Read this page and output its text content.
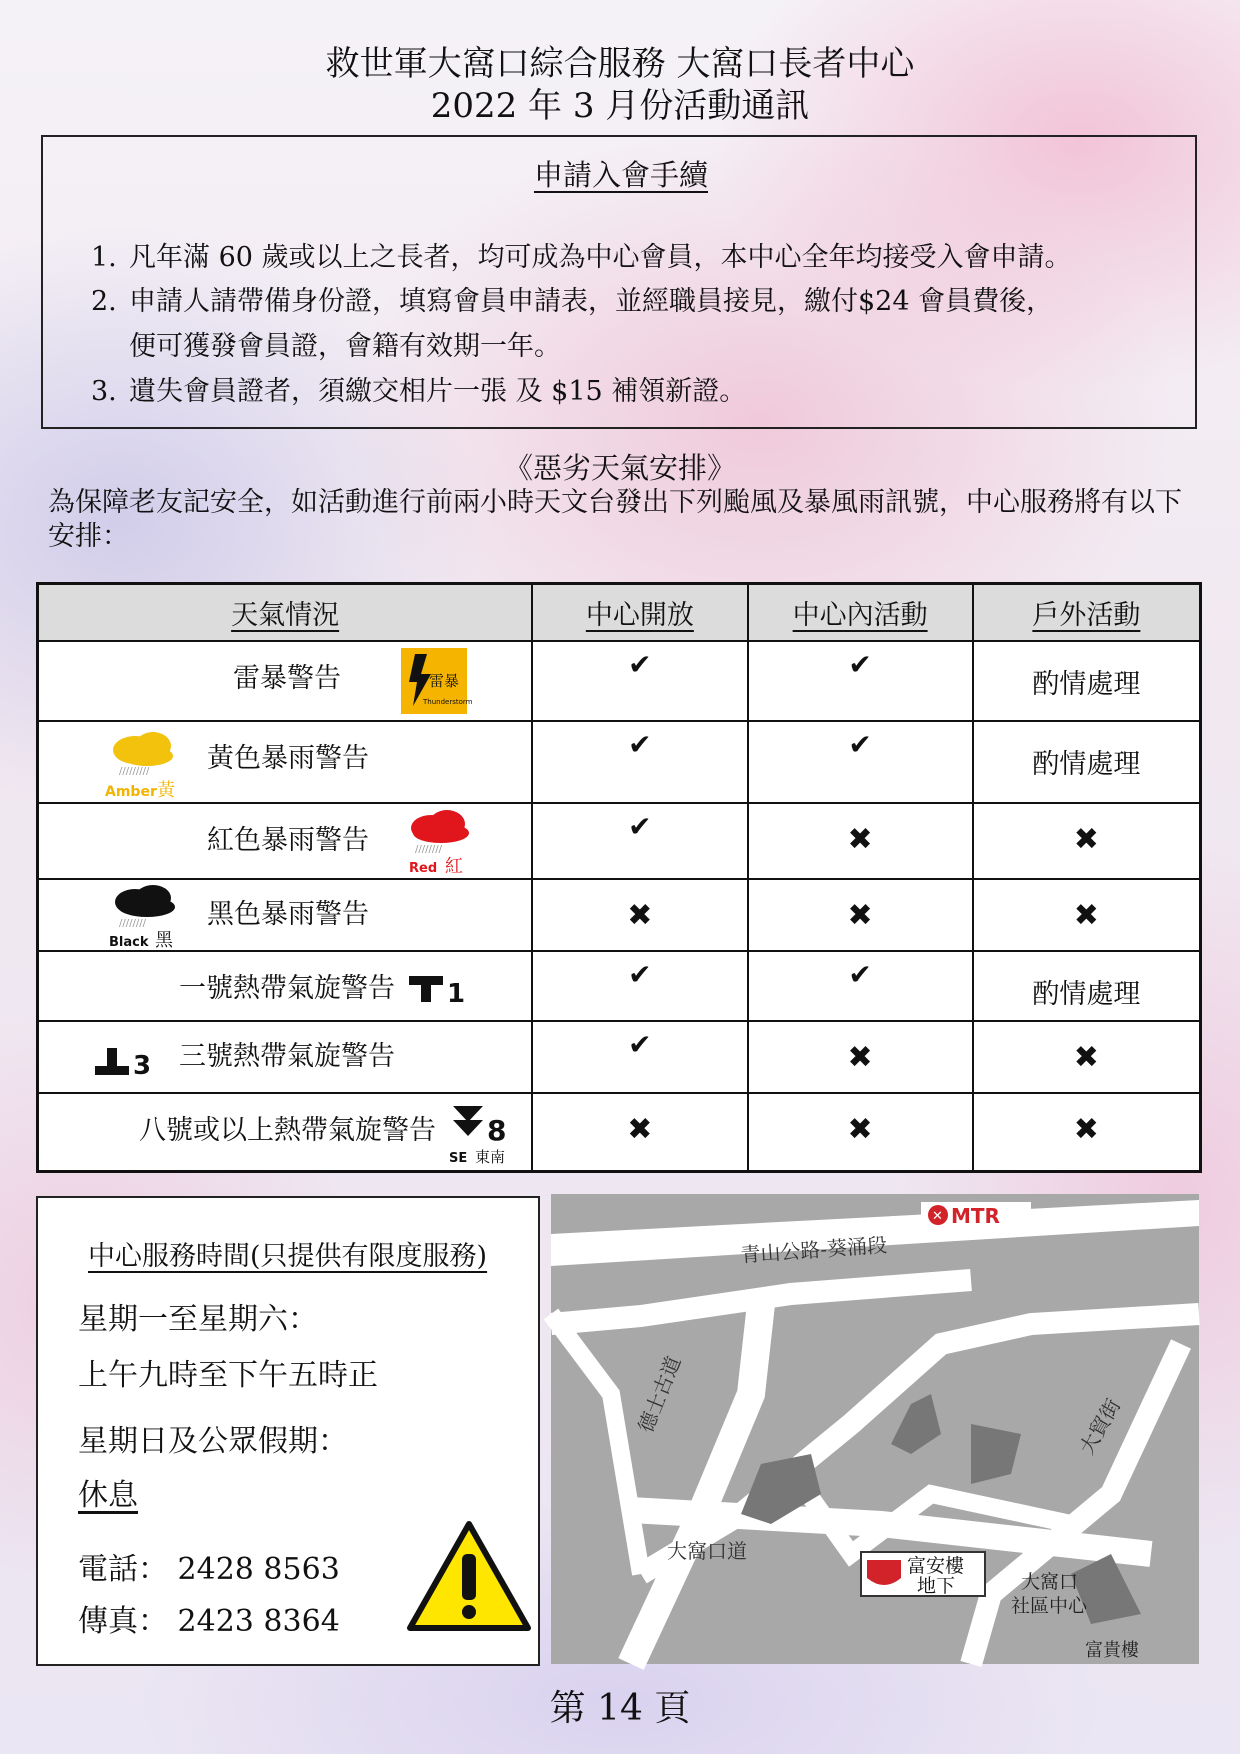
救世軍大窩口綜合服務 大窩口長者中心
2022 年 3 月份活動通訊
申請入會手續
1. 凡年滿 60 歲或以上之長者，均可成為中心會員，本中心全年均接受入會申請。
2. 申請人請帶備身份證，填寫會員申請表，並經職員接見，繳付$24 會員費後，
便可獲發會員證，會籍有效期一年。
3. 遺失會員證者，須繳交相片一張 及 $15 補領新證。
《惡劣天氣安排》
為保障老友記安全，如活動進行前兩小時天文台發出下列颱風及暴風雨訊號，中心服務將有以下安排：
天氣情況	中心開放	中心內活動	戶外活動

雷暴警告 雷暴
Thunderstorm	✔	✔	酌情處理

/////////
Amber 黃
黃色暴雨警告	✔	✔	酌情處理

紅色暴雨警告 ////////
Red 紅	✔	✖	✖

////////
Black 黑
黑色暴雨警告	✖	✖	✖

一號熱帶氣旋警告 1	✔	✔	酌情處理

3 三號熱帶氣旋警告	✔	✖	✖

八號或以上熱帶氣旋警告 8
SE 東南	✖	✖	✖
中心服務時間(只提供有限度服務)
星期一至星期六：
上午九時至下午五時正
星期日及公眾假期：
休息
電話： 2428 8563
傳真： 2423 8364
✕ MTR
青山公路-葵涌段
德士古道
大窩口道
大貿街
富安樓
地下	大窩口
社區中心
富貴樓
第 14 頁
